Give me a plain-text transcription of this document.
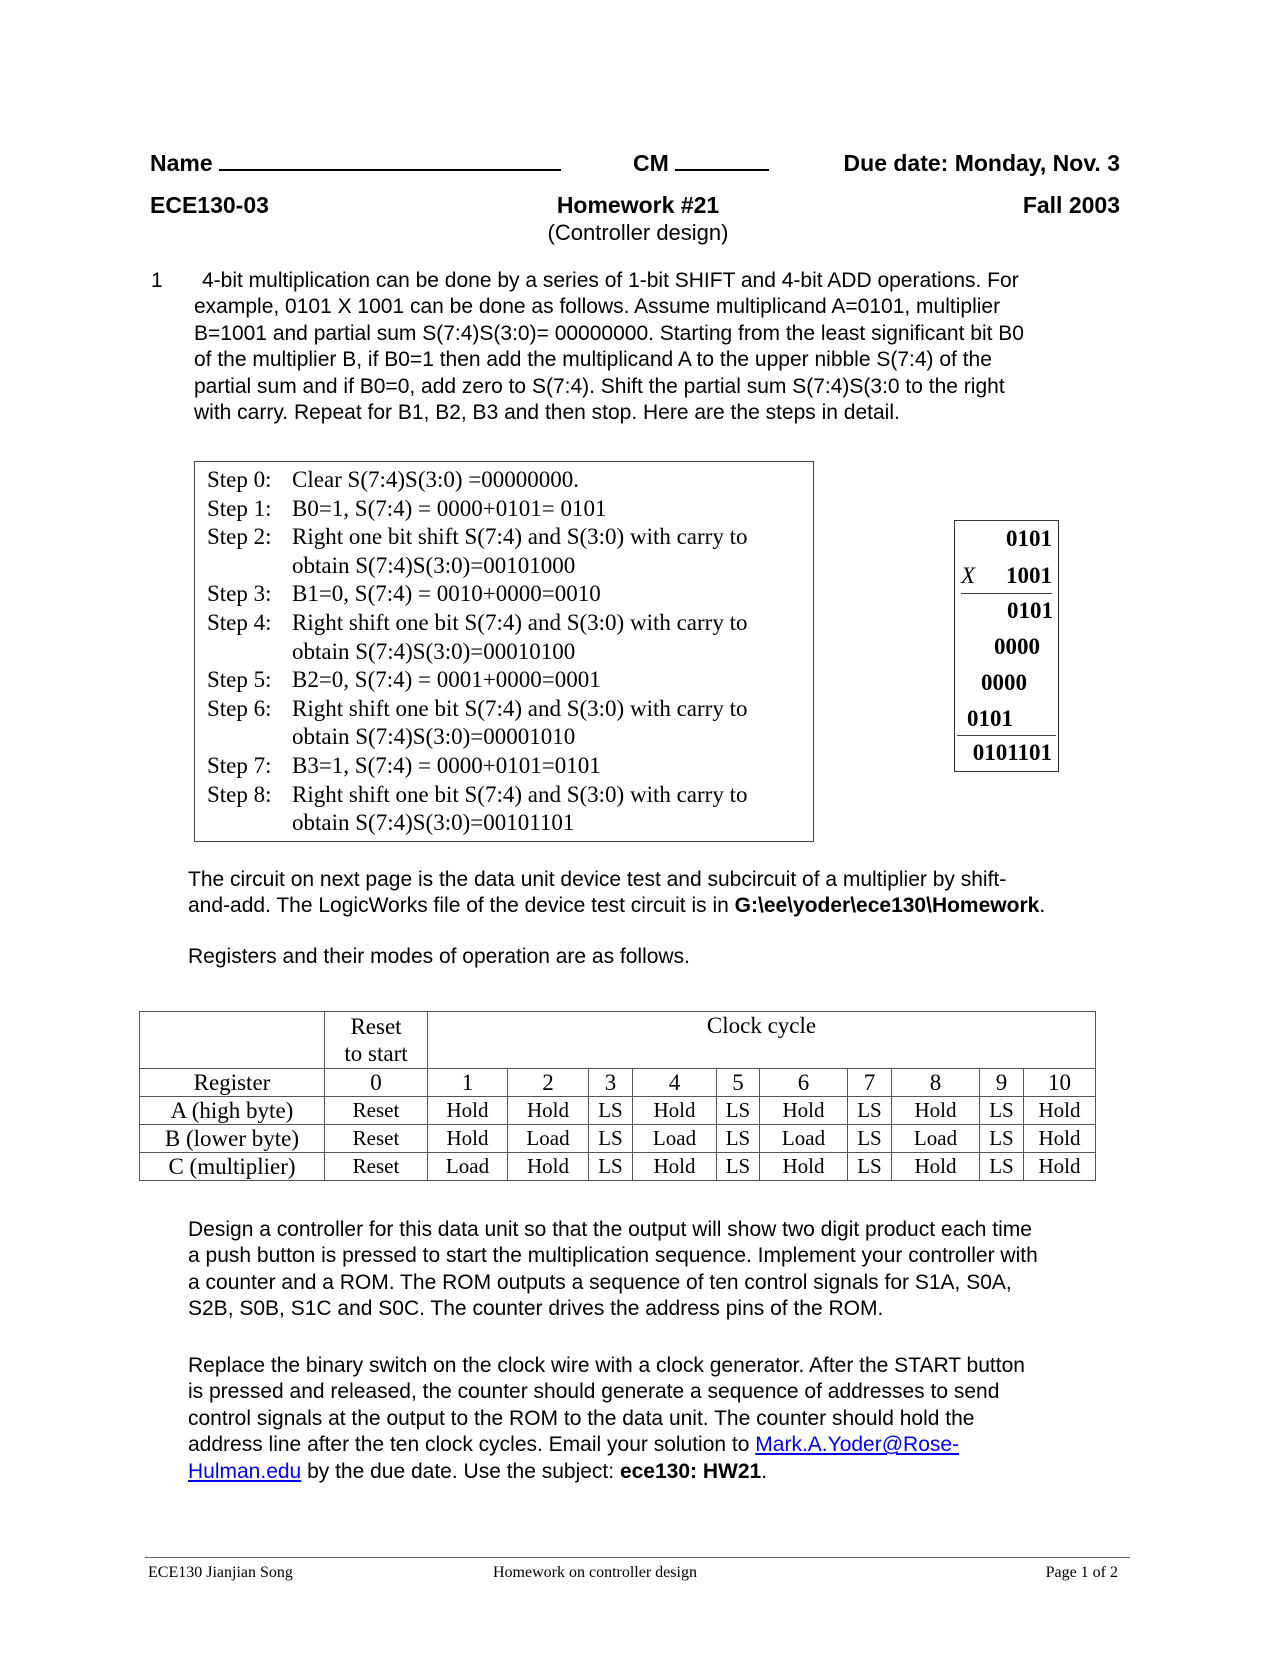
Name	CM	Due date: Monday, Nov. 3
ECE130-03	Homework #21	Fall 2003
(Controller design)
1	4-bit multiplication can be done by a series of 1-bit SHIFT and 4-bit ADD operations. For
example, 0101 X 1001 can be done as follows. Assume multiplicand A=0101, multiplier
B=1001 and partial sum S(7:4)S(3:0)= 00000000. Starting from the least significant bit B0
of the multiplier B, if B0=1 then add the multiplicand A to the upper nibble S(7:4) of the
partial sum and if B0=0, add zero to S(7:4). Shift the partial sum S(7:4)S(3:0 to the right
with carry. Repeat for B1, B2, B3 and then stop. Here are the steps in detail.
Step 0: Clear S(7:4)S(3:0) =00000000.
Step 1: B0=1, S(7:4) = 0000+0101= 0101
Step 2: Right one bit shift S(7:4) and S(3:0) with carry to
obtain S(7:4)S(3:0)=00101000
Step 3: B1=0, S(7:4) = 0010+0000=0010
Step 4: Right shift one bit S(7:4) and S(3:0) with carry to
obtain S(7:4)S(3:0)=00010100
Step 5: B2=0, S(7:4) = 0001+0000=0001
Step 6: Right shift one bit S(7:4) and S(3:0) with carry to
obtain S(7:4)S(3:0)=00001010
Step 7: B3=1, S(7:4) = 0000+0101=0101
Step 8: Right shift one bit S(7:4) and S(3:0) with carry to
obtain S(7:4)S(3:0)=00101101
0101
X	1001
0101
0000
0000
0101
0101101
The circuit on next page is the data unit device test and subcircuit of a multiplier by shift-
and-add. The LogicWorks file of the device test circuit is in G:\ee\yoder\ece130\Homework.
Registers and their modes of operation are as follows.

	Reset
to start	Clock cycle									
Register	0	1	2	3	4	5	6	7	8	9	10
A (high byte)	Reset	Hold	Hold	LS	Hold	LS	Hold	LS	Hold	LS	Hold
B (lower byte)	Reset	Hold	Load	LS	Load	LS	Load	LS	Load	LS	Hold
C (multiplier)	Reset	Load	Hold	LS	Hold	LS	Hold	LS	Hold	LS	Hold
Design a controller for this data unit so that the output will show two digit product each time
a push button is pressed to start the multiplication sequence. Implement your controller with
a counter and a ROM. The ROM outputs a sequence of ten control signals for S1A, S0A,
S2B, S0B, S1C and S0C. The counter drives the address pins of the ROM.
Replace the binary switch on the clock wire with a clock generator. After the START button
is pressed and released, the counter should generate a sequence of addresses to send
control signals at the output to the ROM to the data unit. The counter should hold the
address line after the ten clock cycles. Email your solution to Mark.A.Yoder@Rose-
Hulman.edu by the due date. Use the subject: ece130: HW21.
ECE130 Jianjian Song	Homework on controller design	Page 1 of 2
